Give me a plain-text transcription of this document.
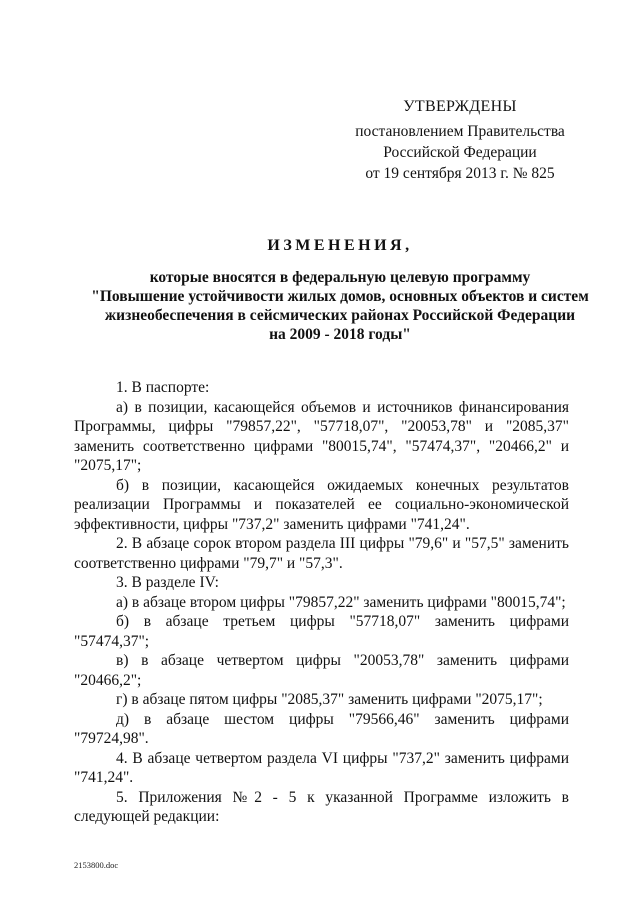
УТВЕРЖДЕНЫ
постановлением Правительства
Российской Федерации
от 19 сентября 2013 г. № 825
ИЗМЕНЕНИЯ,
которые вносятся в федеральную целевую программу
"Повышение устойчивости жилых домов, основных объектов и систем
жизнеобеспечения в сейсмических районах Российской Федерации
на 2009 - 2018 годы"
1. В паспорте:
а) в позиции, касающейся объемов и источников финансирования Программы, цифры "79857,22", "57718,07", "20053,78" и "2085,37" заменить соответственно цифрами "80015,74", "57474,37", "20466,2" и "2075,17";
б) в позиции, касающейся ожидаемых конечных результатов реализации Программы и показателей ее социально-экономической эффективности, цифры "737,2" заменить цифрами "741,24".
2. В абзаце сорок втором раздела III цифры "79,6" и "57,5" заменить соответственно цифрами "79,7" и "57,3".
3. В разделе IV:
а) в абзаце втором цифры "79857,22" заменить цифрами "80015,74";
б) в абзаце третьем цифры "57718,07" заменить цифрами "57474,37";
в) в абзаце четвертом цифры "20053,78" заменить цифрами "20466,2";
г) в абзаце пятом цифры "2085,37" заменить цифрами "2075,17";
д) в абзаце шестом цифры "79566,46" заменить цифрами "79724,98".
4. В абзаце четвертом раздела VI цифры "737,2" заменить цифрами "741,24".
5. Приложения №2 - 5 к указанной Программе изложить в следующей редакции:
2153800.doc
